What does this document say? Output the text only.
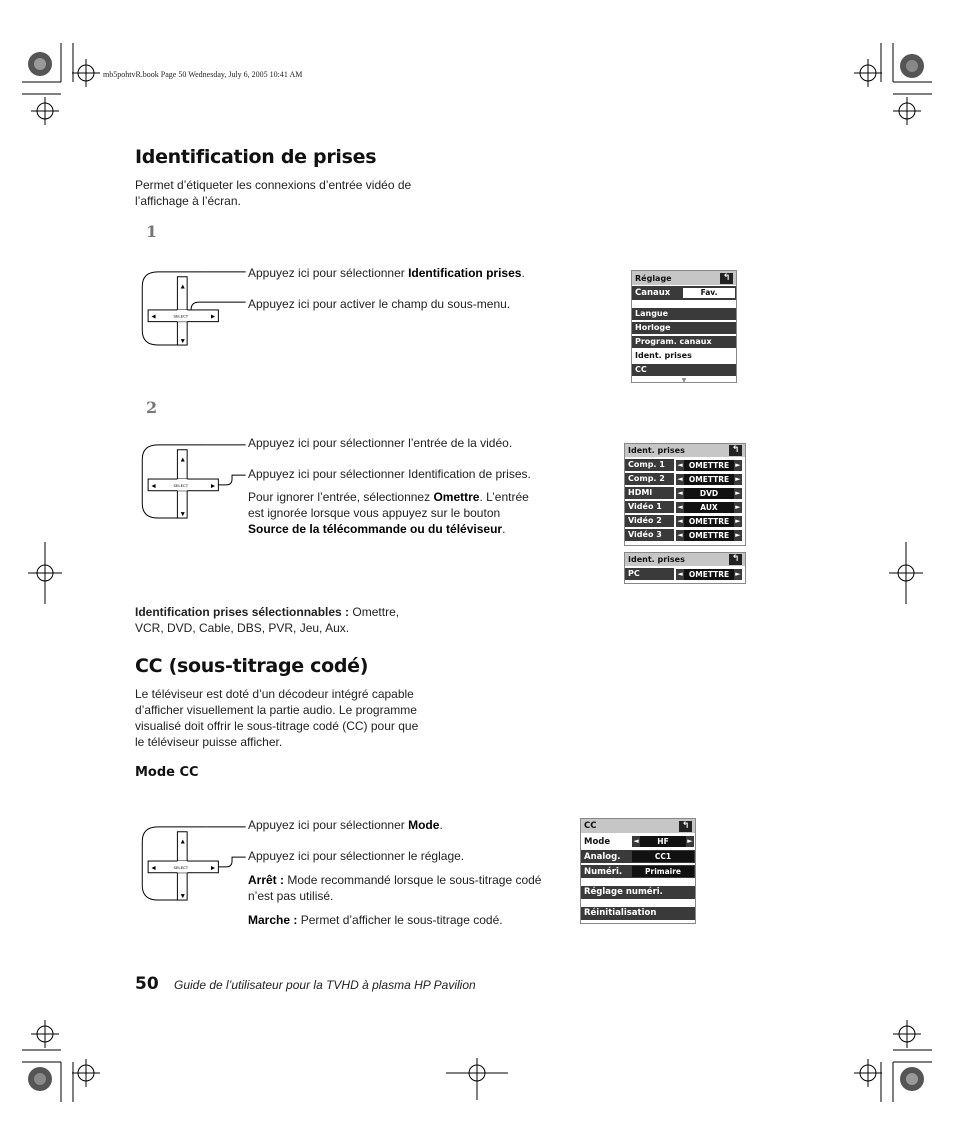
mb5pohtvR.book Page 50 Wednesday, July 6, 2005 10:41 AM
Identification de prises
Permet d’étiqueter les connexions d’entrée vidéo de
l’affichage à l’écran.
1
▲
▼
◄	►
SELECT
Appuyez ici pour sélectionner Identification prises.
Appuyez ici pour activer le champ du sous-menu.
Réglage	↰
Canaux	Fav.
Langue
Horloge
Program. canaux
Ident. prises
CC
▼
2
▲
▼
◄	►
SELECT
Appuyez ici pour sélectionner l’entrée de la vidéo.
Appuyez ici pour sélectionner Identification de prises.
Pour ignorer l’entrée, sélectionnez Omettre. L’entrée
est ignorée lorsque vous appuyez sur le bouton
Source de la télécommande ou du téléviseur.
Ident. prises	↰
Comp. 1	◄ OMETTRE ►
Comp. 2	◄ OMETTRE ►
HDMI	◄	DVD	►
Vidéo 1	◄	AUX	►
Vidéo 2	◄ OMETTRE ►
Vidéo 3	◄ OMETTRE ►
Ident. prises	↰
PC	◄ OMETTRE ►
Identification prises sélectionnables : Omettre,
VCR, DVD, Cable, DBS, PVR, Jeu, Aux.
CC (sous-titrage codé)
Le téléviseur est doté d’un décodeur intégré capable
d’afficher visuellement la partie audio. Le programme
visualisé doit offrir le sous-titrage codé (CC) pour que
le téléviseur puisse afficher.
Mode CC
▲
▼
◄	►
SELECT
Appuyez ici pour sélectionner Mode.
Appuyez ici pour sélectionner le réglage.
Arrêt : Mode recommandé lorsque le sous-titrage codé
n’est pas utilisé.
Marche : Permet d’afficher le sous-titrage codé.
CC	↰
Mode	◄	HF	►
Analog.	CC1
Numéri.	Primaire
Réglage numéri.
Réinitialisation
50 Guide de l’utilisateur pour la TVHD à plasma HP Pavilion
